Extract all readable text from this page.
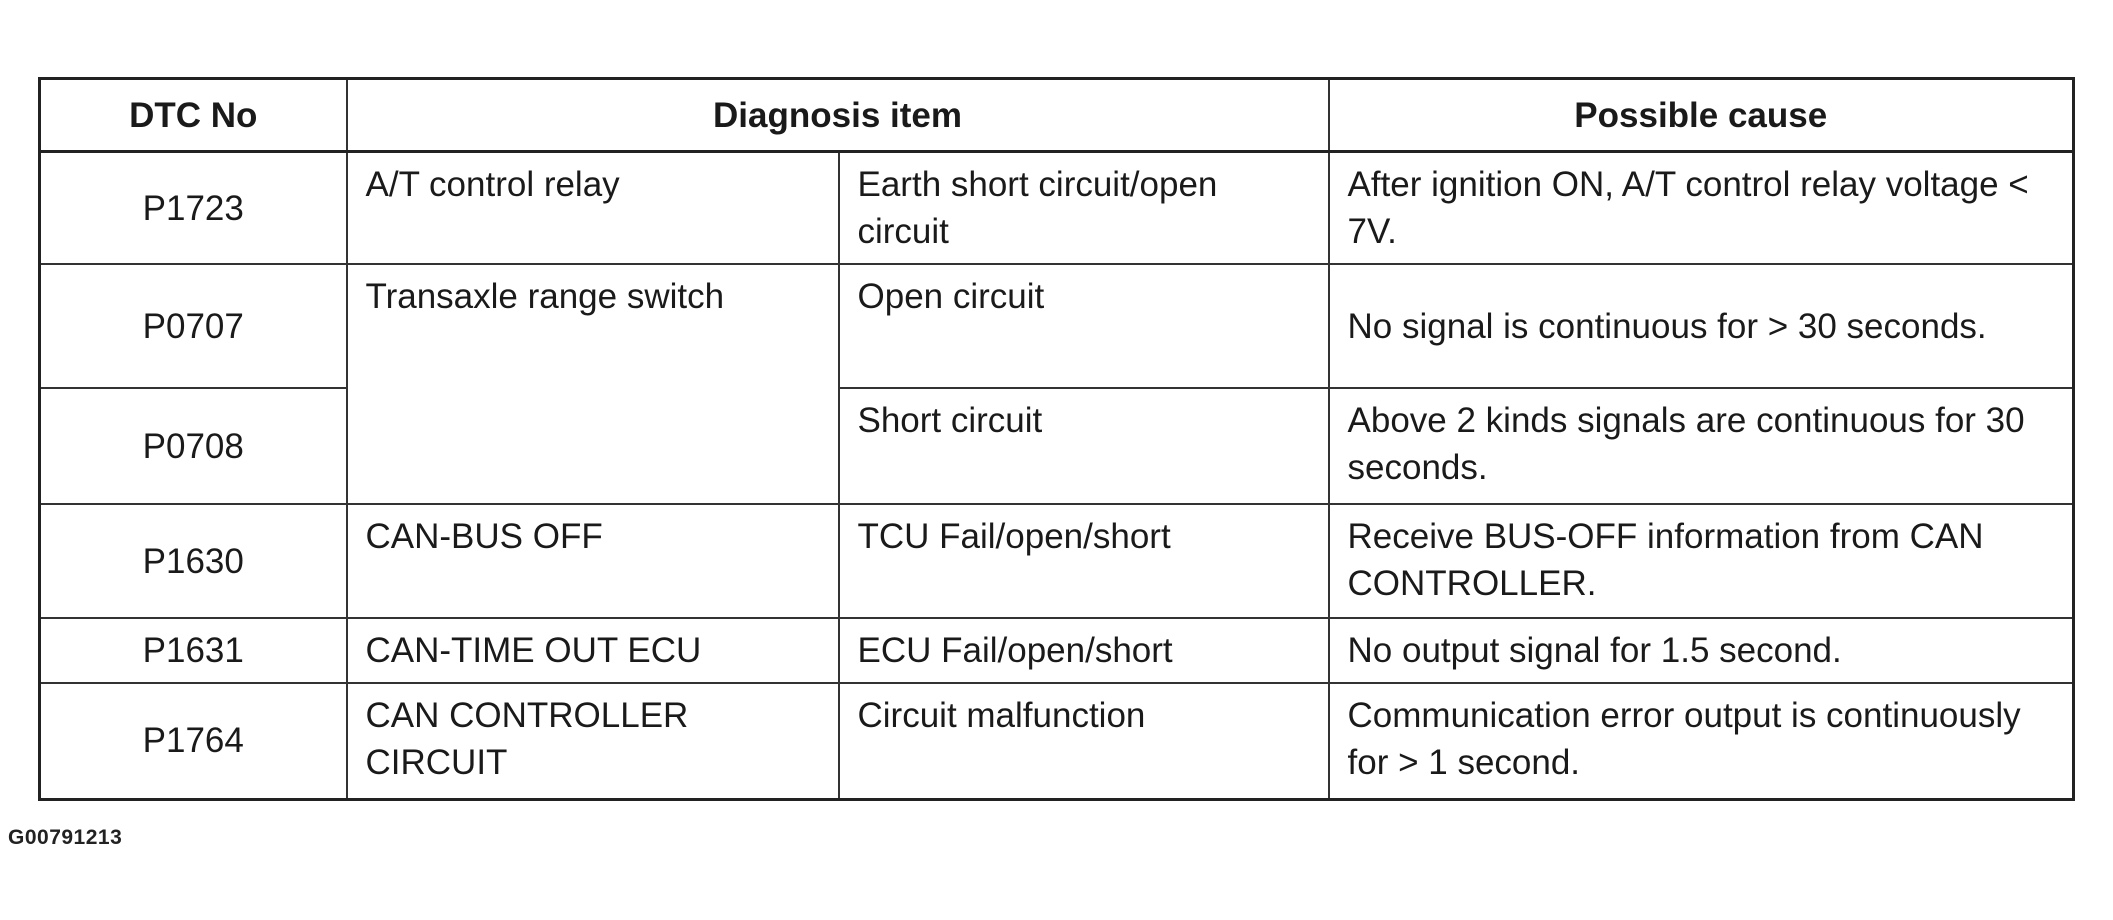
DTC No	Diagnosis item		Possible cause
P1723	A/T control relay	Earth short circuit/open circuit	After ignition ON, A/T control relay voltage < 7V.
P0707	Transaxle range switch	Open circuit	No signal is continuous for > 30 seconds.
P0708		Short circuit	Above 2 kinds signals are continuous for 30 seconds.
P1630	CAN-BUS OFF	TCU Fail/open/short	Receive BUS-OFF information from CAN CONTROLLER.
P1631	CAN-TIME OUT ECU	ECU Fail/open/short	No output signal for 1.5 second.
P1764	CAN CONTROLLER CIRCUIT	Circuit malfunction	Communication error output is continuously for > 1 second.
G00791213
